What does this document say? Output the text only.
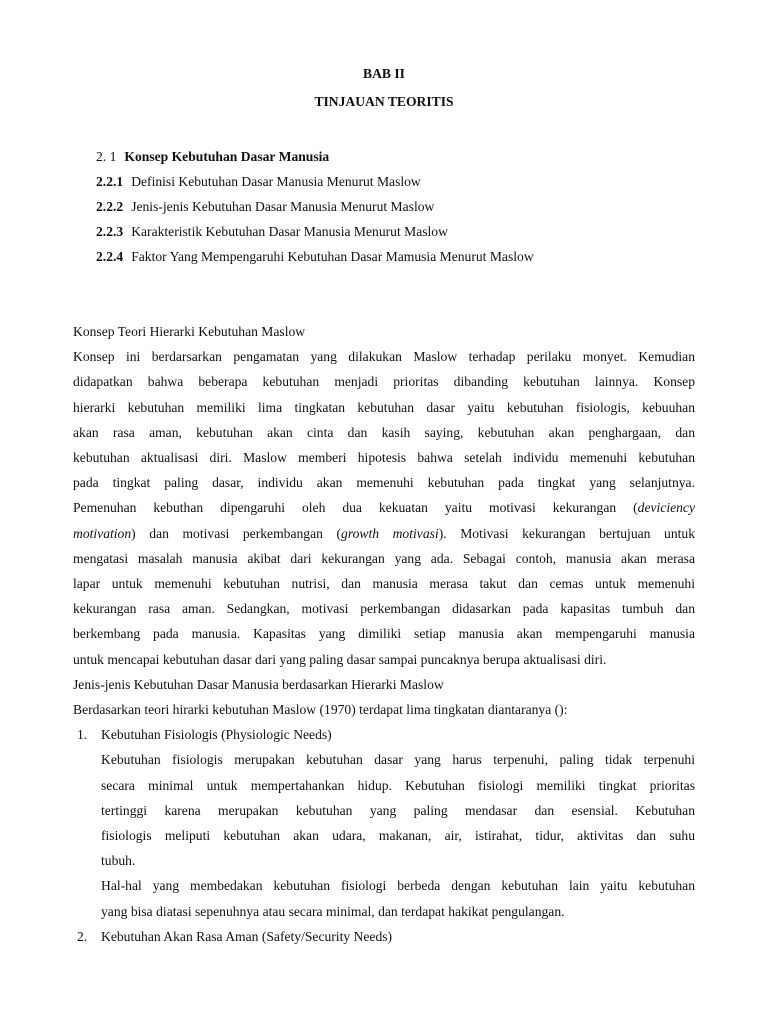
BAB II
TINJAUAN TEORITIS
2. 1 Konsep Kebutuhan Dasar Manusia
2.2.1 Definisi Kebutuhan Dasar Manusia Menurut Maslow
2.2.2 Jenis-jenis Kebutuhan Dasar Manusia Menurut Maslow
2.2.3 Karakteristik Kebutuhan Dasar Manusia Menurut Maslow
2.2.4 Faktor Yang Mempengaruhi Kebutuhan Dasar Mamusia Menurut Maslow
Konsep Teori Hierarki Kebutuhan Maslow
Konsep ini berdarsarkan pengamatan yang dilakukan Maslow terhadap perilaku monyet. Kemudian
didapatkan bahwa beberapa kebutuhan menjadi prioritas dibanding kebutuhan lainnya. Konsep
hierarki kebutuhan memiliki lima tingkatan kebutuhan dasar yaitu kebutuhan fisiologis, kebuuhan
akan rasa aman, kebutuhan akan cinta dan kasih saying, kebutuhan akan penghargaan, dan
kebutuhan aktualisasi diri. Maslow memberi hipotesis bahwa setelah individu memenuhi kebutuhan
pada tingkat paling dasar, individu akan memenuhi kebutuhan pada tingkat yang selanjutnya.
Pemenuhan kebuthan dipengaruhi oleh dua kekuatan yaitu motivasi kekurangan (deviciency
motivation) dan motivasi perkembangan (growth motivasi). Motivasi kekurangan bertujuan untuk
mengatasi masalah manusia akibat dari kekurangan yang ada. Sebagai contoh, manusia akan merasa
lapar untuk memenuhi kebutuhan nutrisi, dan manusia merasa takut dan cemas untuk memenuhi
kekurangan rasa aman. Sedangkan, motivasi perkembangan didasarkan pada kapasitas tumbuh dan
berkembang pada manusia. Kapasitas yang dimiliki setiap manusia akan mempengaruhi manusia
untuk mencapai kebutuhan dasar dari yang paling dasar sampai puncaknya berupa aktualisasi diri.
Jenis-jenis Kebutuhan Dasar Manusia berdasarkan Hierarki Maslow
Berdasarkan teori hirarki kebutuhan Maslow (1970) terdapat lima tingkatan diantaranya ():
1. Kebutuhan Fisiologis (Physiologic Needs)
Kebutuhan fisiologis merupakan kebutuhan dasar yang harus terpenuhi, paling tidak terpenuhi
secara minimal untuk mempertahankan hidup. Kebutuhan fisiologi memiliki tingkat prioritas
tertinggi karena merupakan kebutuhan yang paling mendasar dan esensial. Kebutuhan
fisiologis meliputi kebutuhan akan udara, makanan, air, istirahat, tidur, aktivitas dan suhu
tubuh.
Hal-hal yang membedakan kebutuhan fisiologi berbeda dengan kebutuhan lain yaitu kebutuhan
yang bisa diatasi sepenuhnya atau secara minimal, dan terdapat hakikat pengulangan.
2. Kebutuhan Akan Rasa Aman (Safety/Security Needs)
